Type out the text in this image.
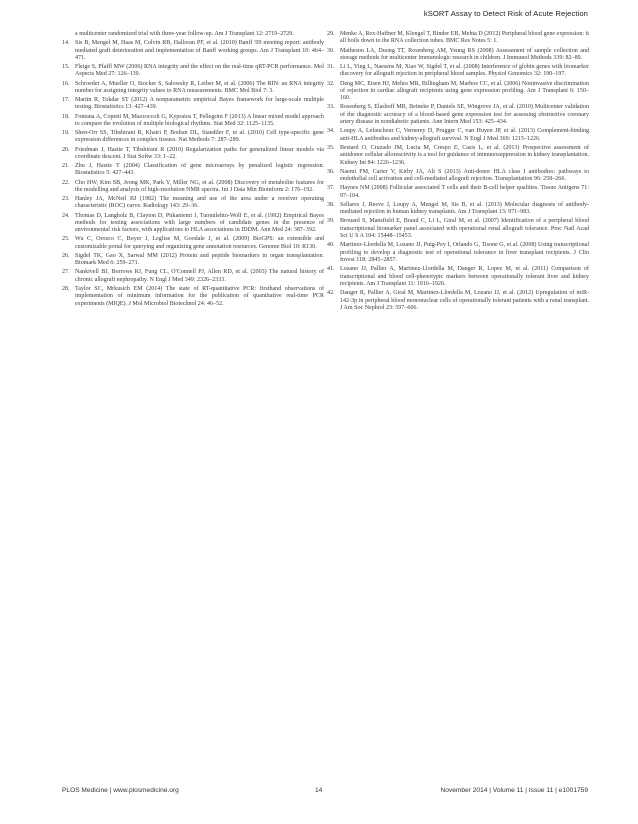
kSORT Assay to Detect Risk of Acute Rejection
a multicenter randomized trial with three-year follow-up. Am J Transplant 12: 2719–2729.
14. Sis B, Mengel M, Haas M, Colvin RB, Halloran PF, et al. (2010) Banff '09 meeting report: antibody mediated graft deterioration and implementation of Banff working groups. Am J Transplant 10: 464–471.
15. Fleige S, Pfaffl MW (2006) RNA integrity and the effect on the real-time qRT-PCR performance. Mol Aspects Med 27: 126–139.
16. Schroeder A, Mueller O, Stocker S, Salowsky R, Leiber M, et al. (2006) The RIN: an RNA integrity number for assigning integrity values to RNA measurements. BMC Mol Biol 7: 3.
17. Martin R, Tokdar ST (2012) A nonparametric empirical Bayes framework for large-scale multiple testing. Biostatistics 13: 427–439.
18. Fontana A, Copetti M, Mazzoccoli G, Kypraios T, Pellegrini F (2013) A linear mixed model approach to compare the evolution of multiple biological rhythms. Stat Med 32: 1125–1135.
19. Shen-Orr SS, Tibshirani R, Khatri P, Bodian DL, Staedtler F, et al. (2010) Cell type-specific gene expression differences in complex tissues. Nat Methods 7: 287–289.
20. Friedman J, Hastie T, Tibshirani R (2010) Regularization paths for generalized linear models via coordinate descent. J Stat Softw 33: 1–22.
21. Zhu J, Hastie T (2004) Classification of gene microarrays by penalized logistic regression. Biostatistics 5: 427–443.
22. Cho HW, Kim SB, Jeong MK, Park Y, Miller NG, et al. (2008) Discovery of metabolite features for the modelling and analysis of high-resolution NMR spectra. Int J Data Min Bioinform 2: 176–192.
23. Hanley JA, McNeil BJ (1982) The meaning and use of the area under a receiver operating characteristic (ROC) curve. Radiology 143: 29–36.
24. Thomas D, Langholz B, Clayton D, Pitkaniemi J, Tuomilehto-Wolf E, et al. (1992) Empirical Bayes methods for testing associations with large numbers of candidate genes in the presence of environmental risk factors, with applications to HLA associations in IDDM. Ann Med 24: 387–392.
25. Wu C, Orozco C, Boyer J, Leglise M, Goodale J, et al. (2009) BioGPS: an extensible and customizable portal for querying and organizing gene annotation resources. Genome Biol 10: R130.
26. Sigdel TK, Gao X, Sarwal MM (2012) Protein and peptide biomarkers in organ transplantation. Biomark Med 6: 259–271.
27. Nankivell BJ, Borrows RJ, Fung CL, O'Connell PJ, Allen RD, et al. (2003) The natural history of chronic allograft nephropathy. N Engl J Med 349: 2326–2333.
28. Taylor SC, Mrkusich EM (2014) The state of RT-quantitative PCR: firsthand observations of implementation of minimum information for the publication of quantitative real-time PCR experiments (MIQE). J Mol Microbiol Biotechnol 24: 46–52.
29. Menke A, Rex-Haffner M, Klengel T, Binder EB, Mehta D (2012) Peripheral blood gene expression: it all boils down to the RNA collection tubes. BMC Res Notes 5: 1.
30. Matheson LA, Duong TT, Rosenberg AM, Yeung RS (2008) Assessment of sample collection and storage methods for multicenter immunologic research in children. J Immunol Methods 339: 82–89.
31. Li L, Ying L, Naesens M, Xiao W, Sigdel T, et al. (2008) Interference of globin genes with biomarker discovery for allograft rejection in peripheral blood samples. Physiol Genomics 32: 190–197.
32. Deng MC, Eisen HJ, Mehra MR, Billingham M, Marboe CC, et al. (2006) Noninvasive discrimination of rejection in cardiac allograft recipients using gene expression profiling. Am J Transplant 6: 150–160.
33. Rosenberg S, Elashoff MR, Beineke P, Daniels SE, Wingrove JA, et al. (2010) Multicenter validation of the diagnostic accuracy of a blood-based gene expression test for assessing obstructive coronary artery disease in nondiabetic patients. Ann Intern Med 153: 425–434.
34. Loupy A, Lefaucheur C, Vernerey D, Prugger C, van Huyen JP, et al. (2013) Complement-binding anti-HLA antibodies and kidney-allograft survival. N Engl J Med 369: 1215–1226.
35. Bestard O, Cruzado JM, Lucia M, Crespo E, Casis L, et al. (2013) Prospective assessment of antidonor cellular alloreactivity is a tool for guidance of immunosuppression in kidney transplantation. Kidney Int 84: 1226–1236.
36. Naemi FM, Carter V, Kirby JA, Ali S (2013) Anti-donor HLA class I antibodies: pathways to endothelial cell activation and cell-mediated allograft rejection. Transplantation 96: 258–266.
37. Haynes NM (2008) Follicular associated T cells and their B-cell helper qualities. Tissue Antigens 71: 97–104.
38. Sellares J, Reeve J, Loupy A, Mengel M, Sis B, et al. (2013) Molecular diagnosis of antibody-mediated rejection in human kidney transplants. Am J Transplant 13: 971–983.
39. Brouard S, Mansfield E, Braud C, Li L, Giral M, et al. (2007) Identification of a peripheral blood transcriptional biomarker panel associated with operational renal allograft tolerance. Proc Natl Acad Sci U S A 104: 15448–15453.
40. Martinez-Llordella M, Lozano JJ, Puig-Pey I, Orlando G, Tisone G, et al. (2008) Using transcriptional profiling to develop a diagnostic test of operational tolerance in liver transplant recipients. J Clin Invest 118: 2845–2857.
41. Lozano JJ, Pallier A, Martinez-Llordella M, Danger R, Lopez M, et al. (2011) Comparison of transcriptional and blood cell-phenotypic markers between operationally tolerant liver and kidney recipients. Am J Transplant 11: 1916–1926.
42. Danger R, Pallier A, Giral M, Martinez-Llordella M, Lozano JJ, et al. (2012) Upregulation of miR-142-3p in peripheral blood mononuclear cells of operationally tolerant patients with a renal transplant. J Am Soc Nephrol 23: 597–606.
PLOS Medicine | www.plosmedicine.org	14	November 2014 | Volume 11 | Issue 11 | e1001759
